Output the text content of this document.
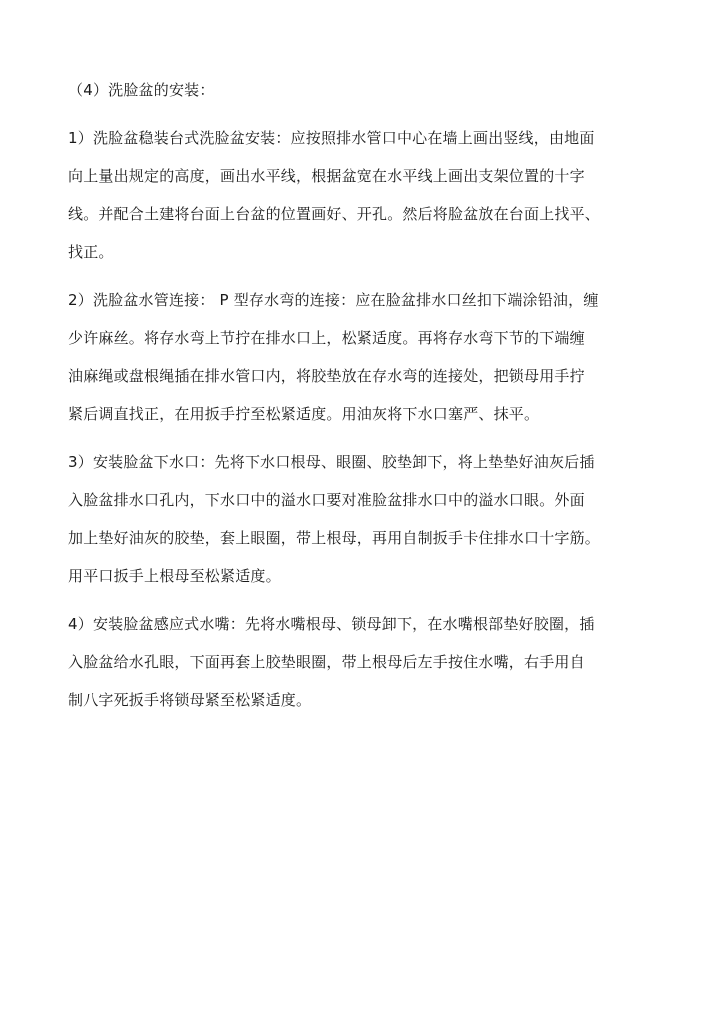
（4）洗脸盆的安装：
1）洗脸盆稳装台式洗脸盆安装：应按照排水管口中心在墙上画出竖线，由地面
向上量出规定的高度，画出水平线，根据盆宽在水平线上画出支架位置的十字
线。并配合土建将台面上台盆的位置画好、开孔。然后将脸盆放在台面上找平、
找正。
2）洗脸盆水管连接： P 型存水弯的连接：应在脸盆排水口丝扣下端涂铅油，缠
少许麻丝。将存水弯上节拧在排水口上，松紧适度。再将存水弯下节的下端缠
油麻绳或盘根绳插在排水管口内，将胶垫放在存水弯的连接处，把锁母用手拧
紧后调直找正，在用扳手拧至松紧适度。用油灰将下水口塞严、抹平。
3）安装脸盆下水口：先将下水口根母、眼圈、胶垫卸下，将上垫垫好油灰后插
入脸盆排水口孔内，下水口中的溢水口要对准脸盆排水口中的溢水口眼。外面
加上垫好油灰的胶垫，套上眼圈，带上根母，再用自制扳手卡住排水口十字筋。
用平口扳手上根母至松紧适度。
4）安装脸盆感应式水嘴：先将水嘴根母、锁母卸下，在水嘴根部垫好胶圈，插
入脸盆给水孔眼，下面再套上胶垫眼圈，带上根母后左手按住水嘴，右手用自
制八字死扳手将锁母紧至松紧适度。
